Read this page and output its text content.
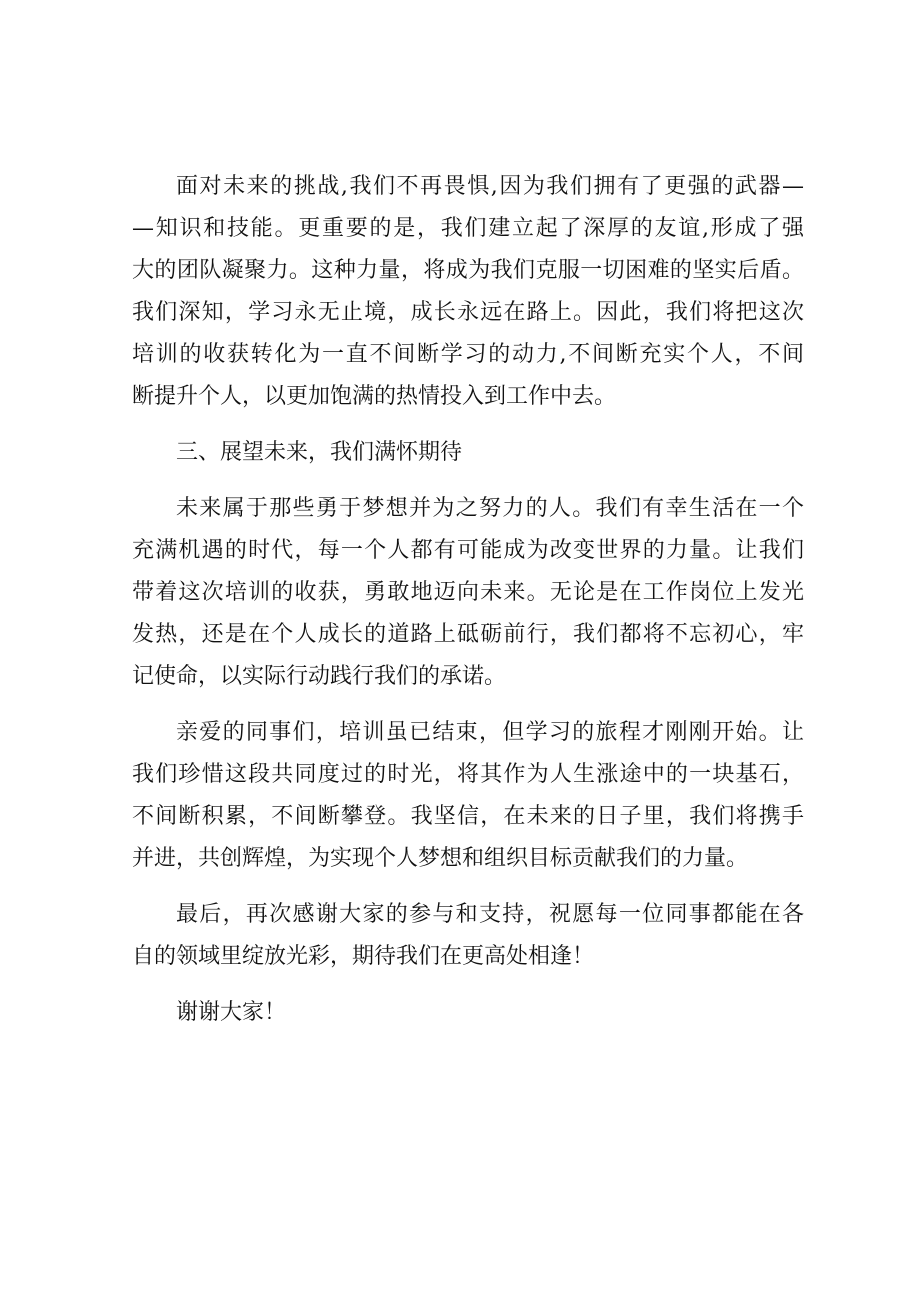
面对未来的挑战,我们不再畏惧,因为我们拥有了更强的武器—
—知识和技能。更重要的是，我们建立起了深厚的友谊,形成了强
大的团队凝聚力。这种力量，将成为我们克服一切困难的坚实后盾。
我们深知，学习永无止境，成长永远在路上。因此，我们将把这次
培训的收获转化为一直不间断学习的动力,不间断充实个人，不间
断提升个人，以更加饱满的热情投入到工作中去。
三、展望未来，我们满怀期待
未来属于那些勇于梦想并为之努力的人。我们有幸生活在一个
充满机遇的时代，每一个人都有可能成为改变世界的力量。让我们
带着这次培训的收获，勇敢地迈向未来。无论是在工作岗位上发光
发热，还是在个人成长的道路上砥砺前行，我们都将不忘初心，牢
记使命，以实际行动践行我们的承诺。
亲爱的同事们，培训虽已结束，但学习的旅程才刚刚开始。让
我们珍惜这段共同度过的时光，将其作为人生涨途中的一块基石，
不间断积累，不间断攀登。我坚信，在未来的日子里，我们将携手
并进，共创辉煌，为实现个人梦想和组织目标贡献我们的力量。
最后，再次感谢大家的参与和支持，祝愿每一位同事都能在各
自的领域里绽放光彩，期待我们在更高处相逢！
谢谢大家！
